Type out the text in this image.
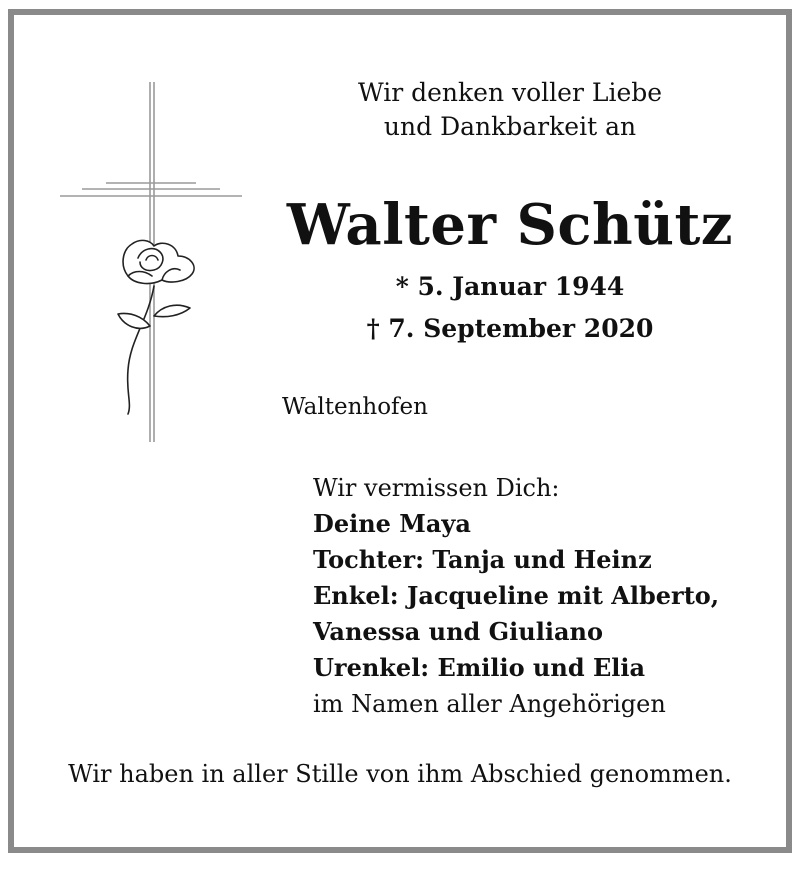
Wir denken voller Liebe
und Dankbarkeit an
Walter Schütz
* 5. Januar 1944
† 7. September 2020
Waltenhofen
Wir vermissen Dich:
Deine Maya
Tochter: Tanja und Heinz
Enkel: Jacqueline mit Alberto,
Vanessa und Giuliano
Urenkel: Emilio und Elia
im Namen aller Angehörigen
Wir haben in aller Stille von ihm Abschied genommen.
